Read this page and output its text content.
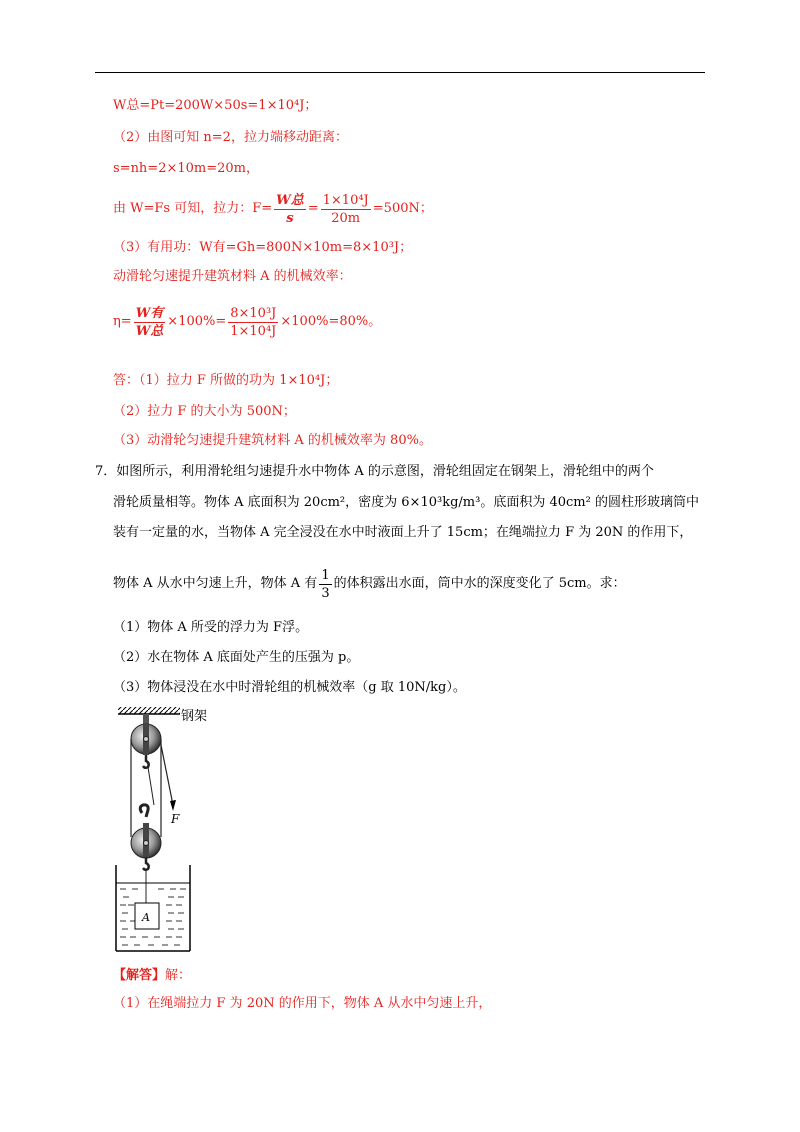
W总=Pt=200W×50s=1×10⁴J；
（2）由图可知 n=2，拉力端移动距离：
s=nh=2×10m=20m，
由 W=Fs 可知，拉力：$F= \frac{\text{W总}}{s} = \frac{\text{1×10⁴J}}{20m} =500N$；
（3）有用功：W有=Gh=800N×10m=8×10³J；
动滑轮匀速提升建筑材料 A 的机械效率：
$\eta= \frac{\text{W有}}{\text{W总}} \times 100\%= \frac{\text{8×10³J}}{\text{1×10⁴J}} \times 100\%=80\%$。
答：（1）拉力 F 所做的功为 1×10⁴J；
（2）拉力 F 的大小为 500N；
（3）动滑轮匀速提升建筑材料 A 的机械效率为 80%。
7．如图所示，利用滑轮组匀速提升水中物体 A 的示意图，滑轮组固定在钢架上，滑轮组中的两个
滑轮质量相等。物体 A 底面积为 20cm²，密度为 6×10³kg/m³。底面积为 40cm² 的圆柱形玻璃筒中
装有一定量的水，当物体 A 完全浸没在水中时液面上升了 15cm；在绳端拉力 F 为 20N 的作用下，
物体 A 从水中匀速上升，物体 A 有 $\frac{1}{3}$ 的体积露出水面，筒中水的深度变化了 5cm。求：
（1）物体 A 所受的浮力为 F浮。
（2）水在物体 A 底面处产生的压强为 p。
（3）物体浸没在水中时滑轮组的机械效率（g 取 10N/kg）。
F
A
钢架
【解答】解：
（1）在绳端拉力 F 为 20N 的作用下，物体 A 从水中匀速上升，
